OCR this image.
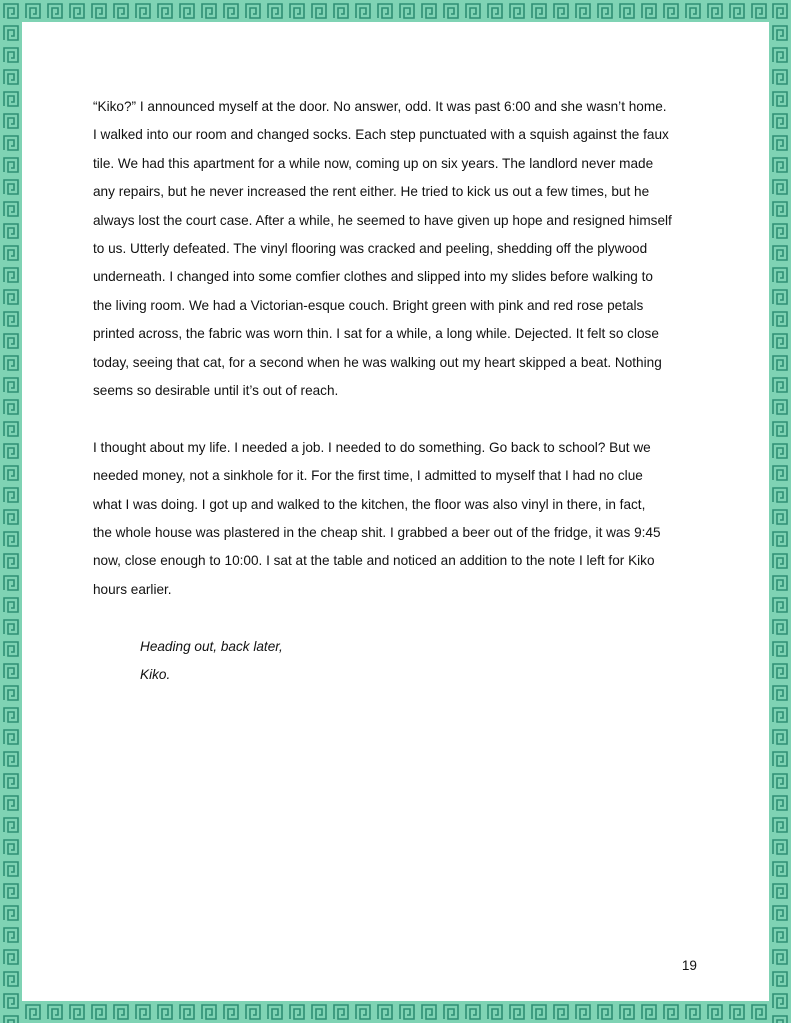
“Kiko?” I announced myself at the door. No answer, odd. It was past 6:00 and she wasn’t home.
I walked into our room and changed socks. Each step punctuated with a squish against the faux
tile. We had this apartment for a while now, coming up on six years. The landlord never made
any repairs, but he never increased the rent either. He tried to kick us out a few times, but he
always lost the court case. After a while, he seemed to have given up hope and resigned himself
to us. Utterly defeated. The vinyl flooring was cracked and peeling, shedding off the plywood
underneath. I changed into some comfier clothes and slipped into my slides before walking to
the living room. We had a Victorian-esque couch. Bright green with pink and red rose petals
printed across, the fabric was worn thin. I sat for a while, a long while. Dejected. It felt so close
today, seeing that cat, for a second when he was walking out my heart skipped a beat. Nothing
seems so desirable until it’s out of reach.

I thought about my life. I needed a job. I needed to do something. Go back to school? But we
needed money, not a sinkhole for it. For the first time, I admitted to myself that I had no clue
what I was doing. I got up and walked to the kitchen, the floor was also vinyl in there, in fact,
the whole house was plastered in the cheap shit. I grabbed a beer out of the fridge, it was 9:45
now, close enough to 10:00. I sat at the table and noticed an addition to the note I left for Kiko
hours earlier.

Heading out, back later,
Kiko.
19
